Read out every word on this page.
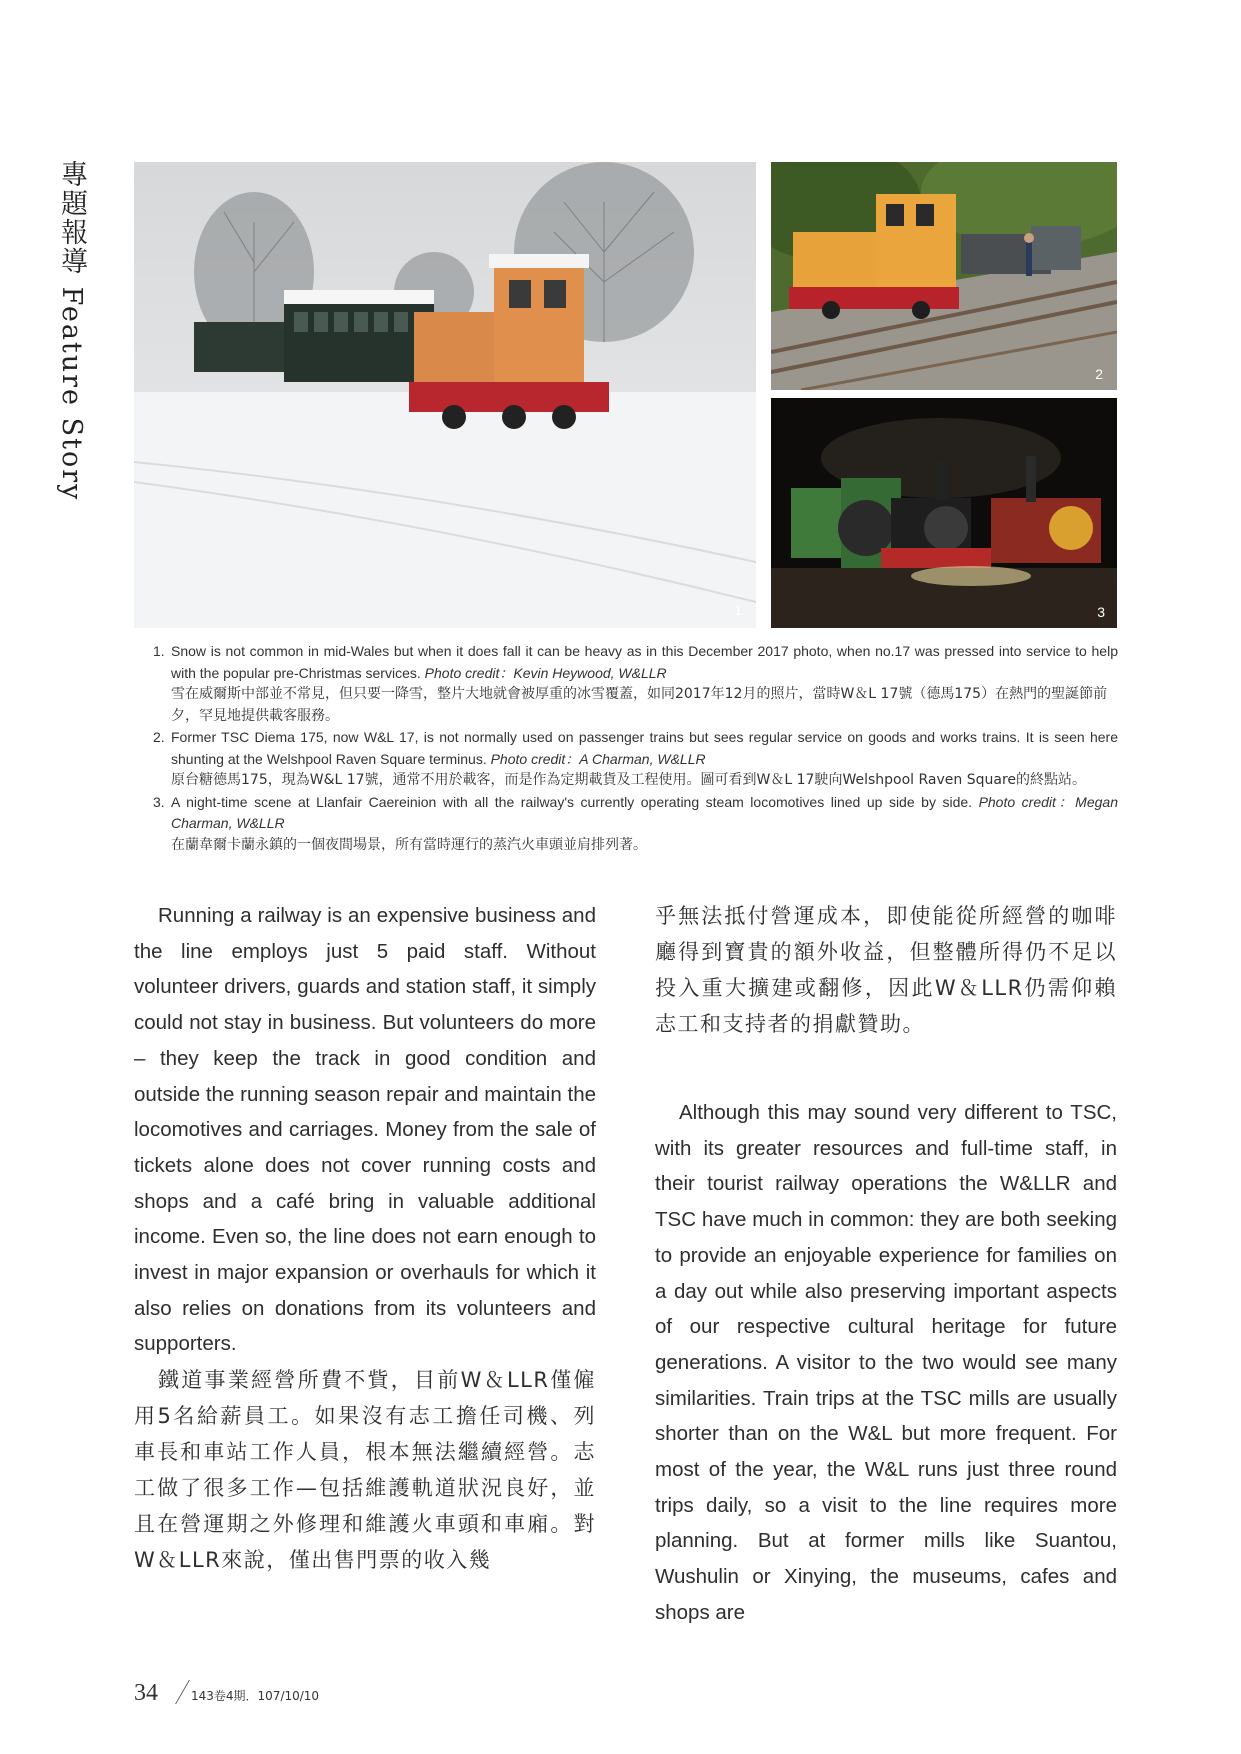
專題報導 Feature Story
1
2
3
1. Snow is not common in mid-Wales but when it does fall it can be heavy as in this December 2017 photo, when no.17 was pressed into service to help with the popular pre-Christmas services. Photo credit：Kevin Heywood, W&LLR
雪在威爾斯中部並不常見，但只要一降雪，整片大地就會被厚重的冰雪覆蓋，如同2017年12月的照片，當時W＆L 17號（德馬175）在熱門的聖誕節前夕，罕見地提供載客服務。
2. Former TSC Diema 175, now W&L 17, is not normally used on passenger trains but sees regular service on goods and works trains. It is seen here shunting at the Welshpool Raven Square terminus. Photo credit：A Charman, W&LLR
原台糖德馬175，現為W&L 17號，通常不用於載客，而是作為定期載貨及工程使用。圖可看到W＆L 17駛向Welshpool Raven Square的終點站。
3. A night-time scene at Llanfair Caereinion with all the railway's currently operating steam locomotives lined up side by side. Photo credit：Megan Charman, W&LLR
在蘭韋爾卡蘭永鎮的一個夜間場景，所有當時運行的蒸汽火車頭並肩排列著。

Running a railway is an expensive business and the line employs just 5 paid staff. Without volunteer drivers, guards and station staff, it simply could not stay in business. But volunteers do more – they keep the track in good condition and outside the running season repair and maintain the locomotives and carriages. Money from the sale of tickets alone does not cover running costs and shops and a café bring in valuable additional income. Even so, the line does not earn enough to invest in major expansion or overhauls for which it also relies on donations from its volunteers and supporters.

鐵道事業經營所費不貲，目前W＆LLR僅僱用5名給薪員工。如果沒有志工擔任司機、列車長和車站工作人員，根本無法繼續經營。志工做了很多工作—包括維護軌道狀況良好，並且在營運期之外修理和維護火車頭和車廂。對W＆LLR來說，僅出售門票的收入幾

乎無法抵付營運成本，即使能從所經營的咖啡廳得到寶貴的額外收益，但整體所得仍不足以投入重大擴建或翻修，因此W＆LLR仍需仰賴志工和支持者的捐獻贊助。

Although this may sound very different to TSC, with its greater resources and full-time staff, in their tourist railway operations the W&LLR and TSC have much in common: they are both seeking to provide an enjoyable experience for families on a day out while also preserving important aspects of our respective cultural heritage for future generations. A visitor to the two would see many similarities. Train trips at the TSC mills are usually shorter than on the W&L but more frequent. For most of the year, the W&L runs just three round trips daily, so a visit to the line requires more planning. But at former mills like Suantou, Wushulin or Xinying, the museums, cafes and shops are

34	143卷4期．107/10/10
